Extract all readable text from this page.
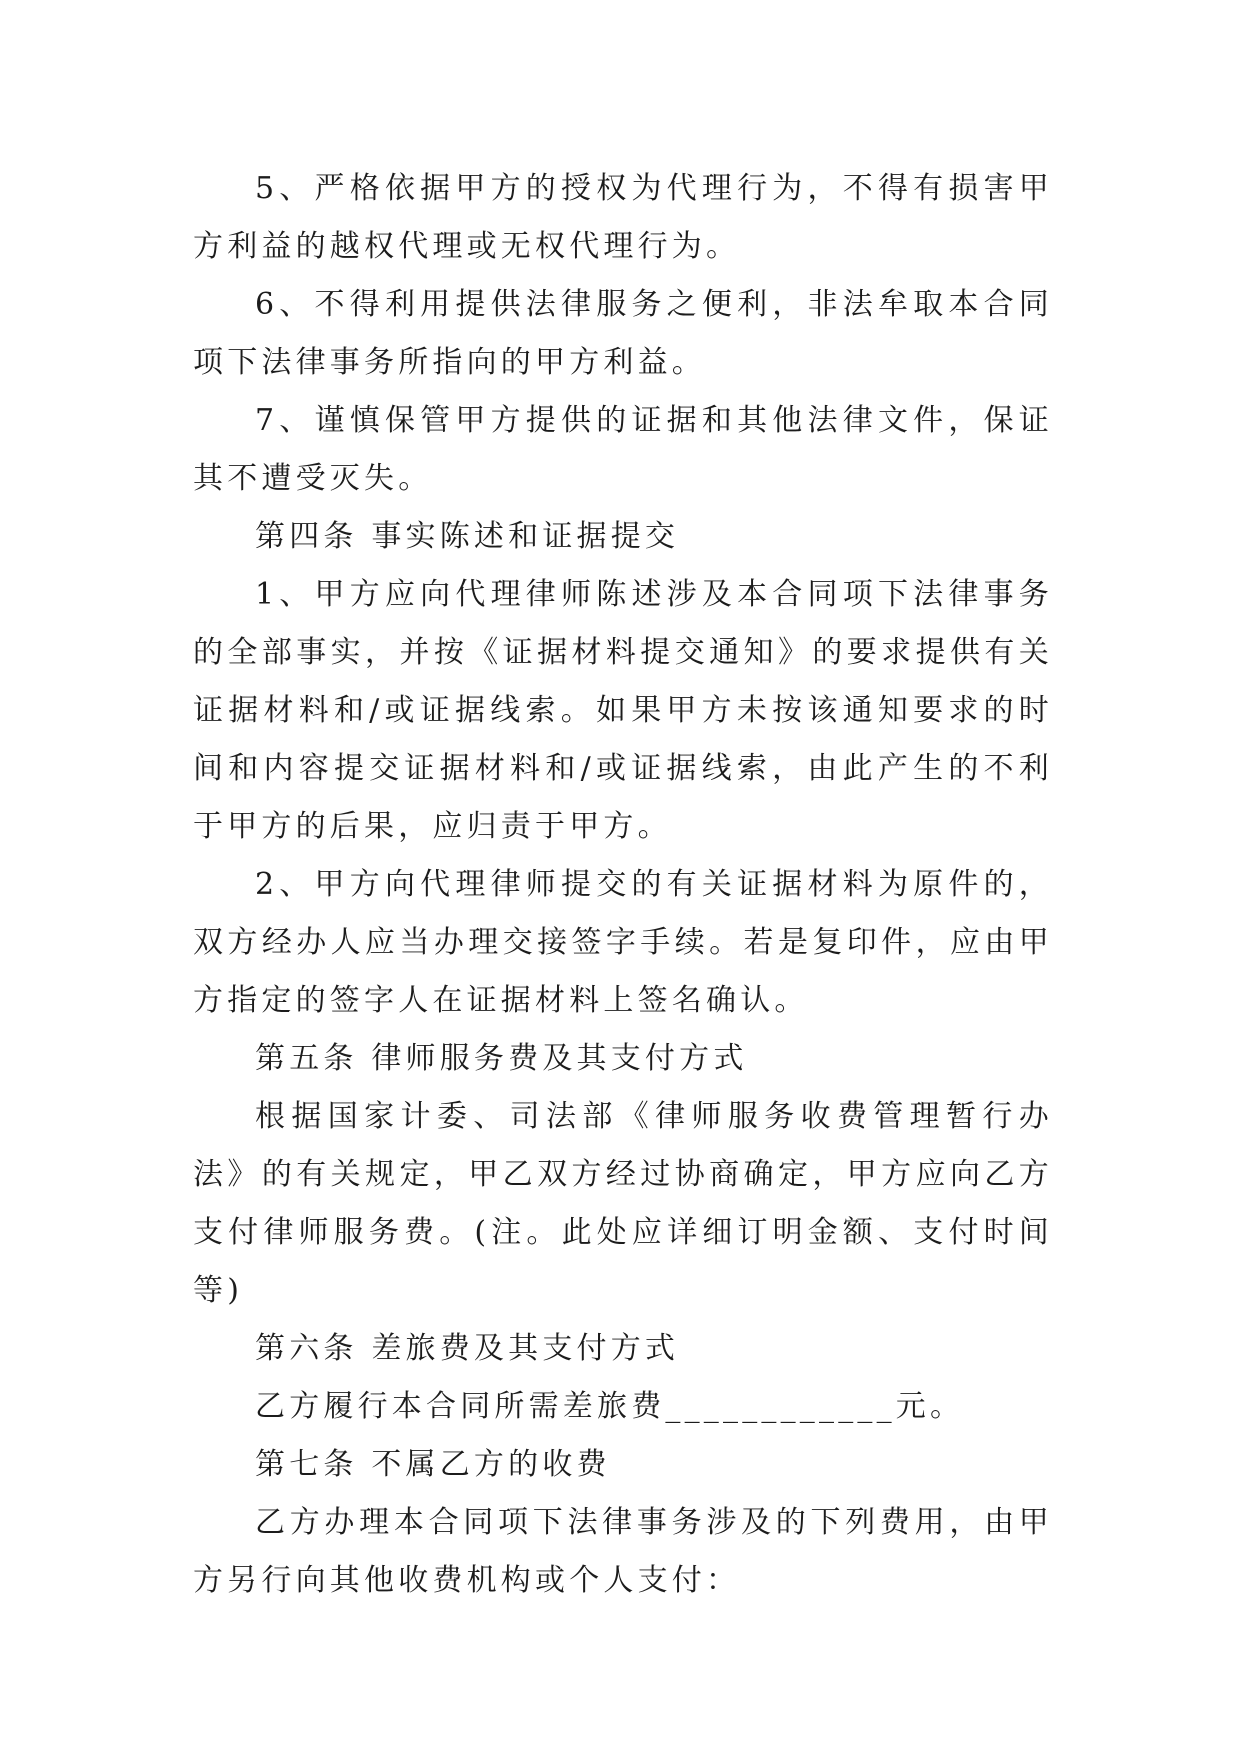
5、严格依据甲方的授权为代理行为，不得有损害甲方利益的越权代理或无权代理行为。

6、不得利用提供法律服务之便利，非法牟取本合同项下法律事务所指向的甲方利益。

7、谨慎保管甲方提供的证据和其他法律文件，保证其不遭受灭失。

第四条 事实陈述和证据提交

1、甲方应向代理律师陈述涉及本合同项下法律事务的全部事实，并按《证据材料提交通知》的要求提供有关证据材料和/或证据线索。如果甲方未按该通知要求的时间和内容提交证据材料和/或证据线索，由此产生的不利于甲方的后果，应归责于甲方。

2、甲方向代理律师提交的有关证据材料为原件的，双方经办人应当办理交接签字手续。若是复印件，应由甲方指定的签字人在证据材料上签名确认。

第五条 律师服务费及其支付方式

根据国家计委、司法部《律师服务收费管理暂行办法》的有关规定，甲乙双方经过协商确定，甲方应向乙方支付律师服务费。(注。此处应详细订明金额、支付时间等)

第六条 差旅费及其支付方式

乙方履行本合同所需差旅费____________元。

第七条 不属乙方的收费

乙方办理本合同项下法律事务涉及的下列费用，由甲方另行向其他收费机构或个人支付：
